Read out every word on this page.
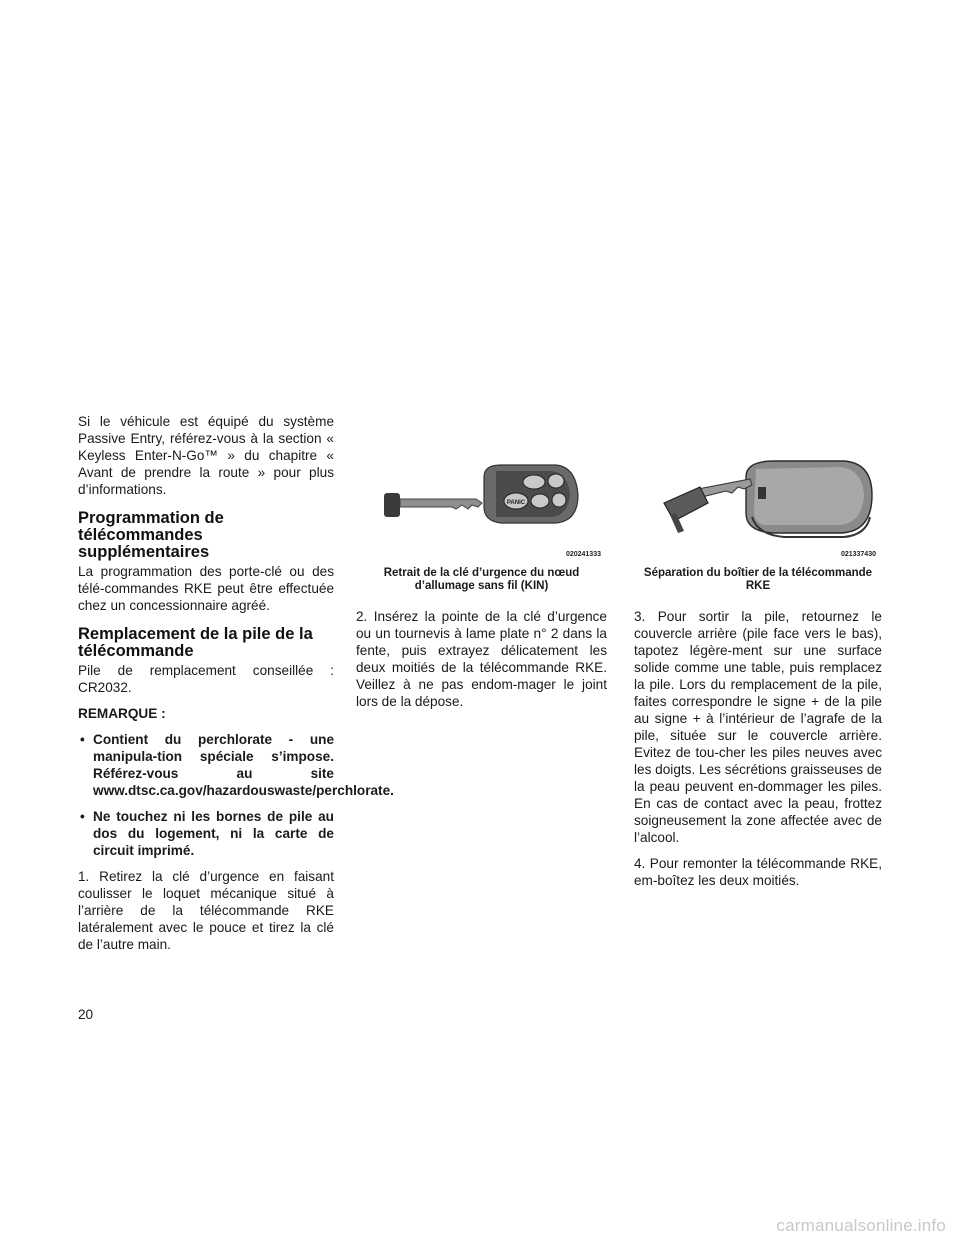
Si le véhicule est équipé du système Passive Entry, référez-vous à la section « Keyless Enter-N-Go™ » du chapitre « Avant de prendre la route » pour plus d’informations.

Programmation de télécommandes supplémentaires

La programmation des porte-clé ou des télé-commandes RKE peut être effectuée chez un concessionnaire agréé.

Remplacement de la pile de la télécommande

Pile de remplacement conseillée : CR2032.

REMARQUE :
• Contient du perchlorate - une manipula-tion spéciale s’impose. Référez-vous au site www.dtsc.ca.gov/hazardouswaste/perchlorate.
• Ne touchez ni les bornes de pile au dos du logement, ni la carte de circuit imprimé.

1. Retirez la clé d’urgence en faisant coulisser le loquet mécanique situé à l’arrière de la télécommande RKE latéralement avec le pouce et tirez la clé de l’autre main.

PANIC
020241333
Retrait de la clé d’urgence du nœud d’allumage sans fil (KIN)
021337430
Séparation du boîtier de la télécommande RKE

2. Insérez la pointe de la clé d’urgence ou un tournevis à lame plate n° 2 dans la fente, puis extrayez délicatement les deux moitiés de la télécommande RKE. Veillez à ne pas endom-mager le joint lors de la dépose.

3. Pour sortir la pile, retournez le couvercle arrière (pile face vers le bas), tapotez légère-ment sur une surface solide comme une table, puis remplacez la pile. Lors du remplacement de la pile, faites correspondre le signe + de la pile au signe + à l’intérieur de l’agrafe de la pile, située sur le couvercle arrière. Evitez de tou-cher les piles neuves avec les doigts. Les sécrétions graisseuses de la peau peuvent en-dommager les piles. En cas de contact avec la peau, frottez soigneusement la zone affectée avec de l’alcool.

4. Pour remonter la télécommande RKE, em-boîtez les deux moitiés.

20
carmanualsonline.info
